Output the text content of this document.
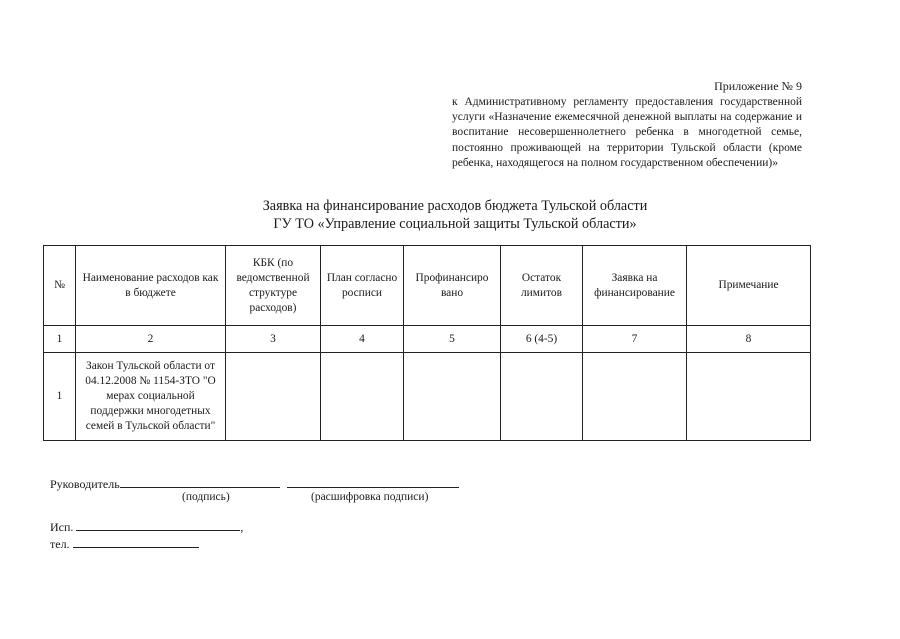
Приложение № 9
к Административному регламенту предоставления государственной услуги «Назначение ежемесячной денежной выплаты на содержание и воспитание несовершеннолетнего ребенка в многодетной семье, постоянно проживающей на территории Тульской области (кроме ребенка, находящегося на полном государственном обеспечении)»
Заявка на финансирование расходов бюджета Тульской области
ГУ ТО «Управление социальной защиты Тульской области»
№	Наименование расходов как в бюджете	КБК (по ведомственной структуре расходов)	План согласно росписи	Профинансиро вано	Остаток лимитов	Заявка на финансирование	Примечание
1	2	3	4	5	6 (4-5)	7	8
1	Закон Тульской области от 04.12.2008 № 1154-ЗТО "О мерах социальной поддержки многодетных семей в Тульской области"						
Руководитель
(подпись)	(расшифровка подписи)
Исп.	,
тел.
